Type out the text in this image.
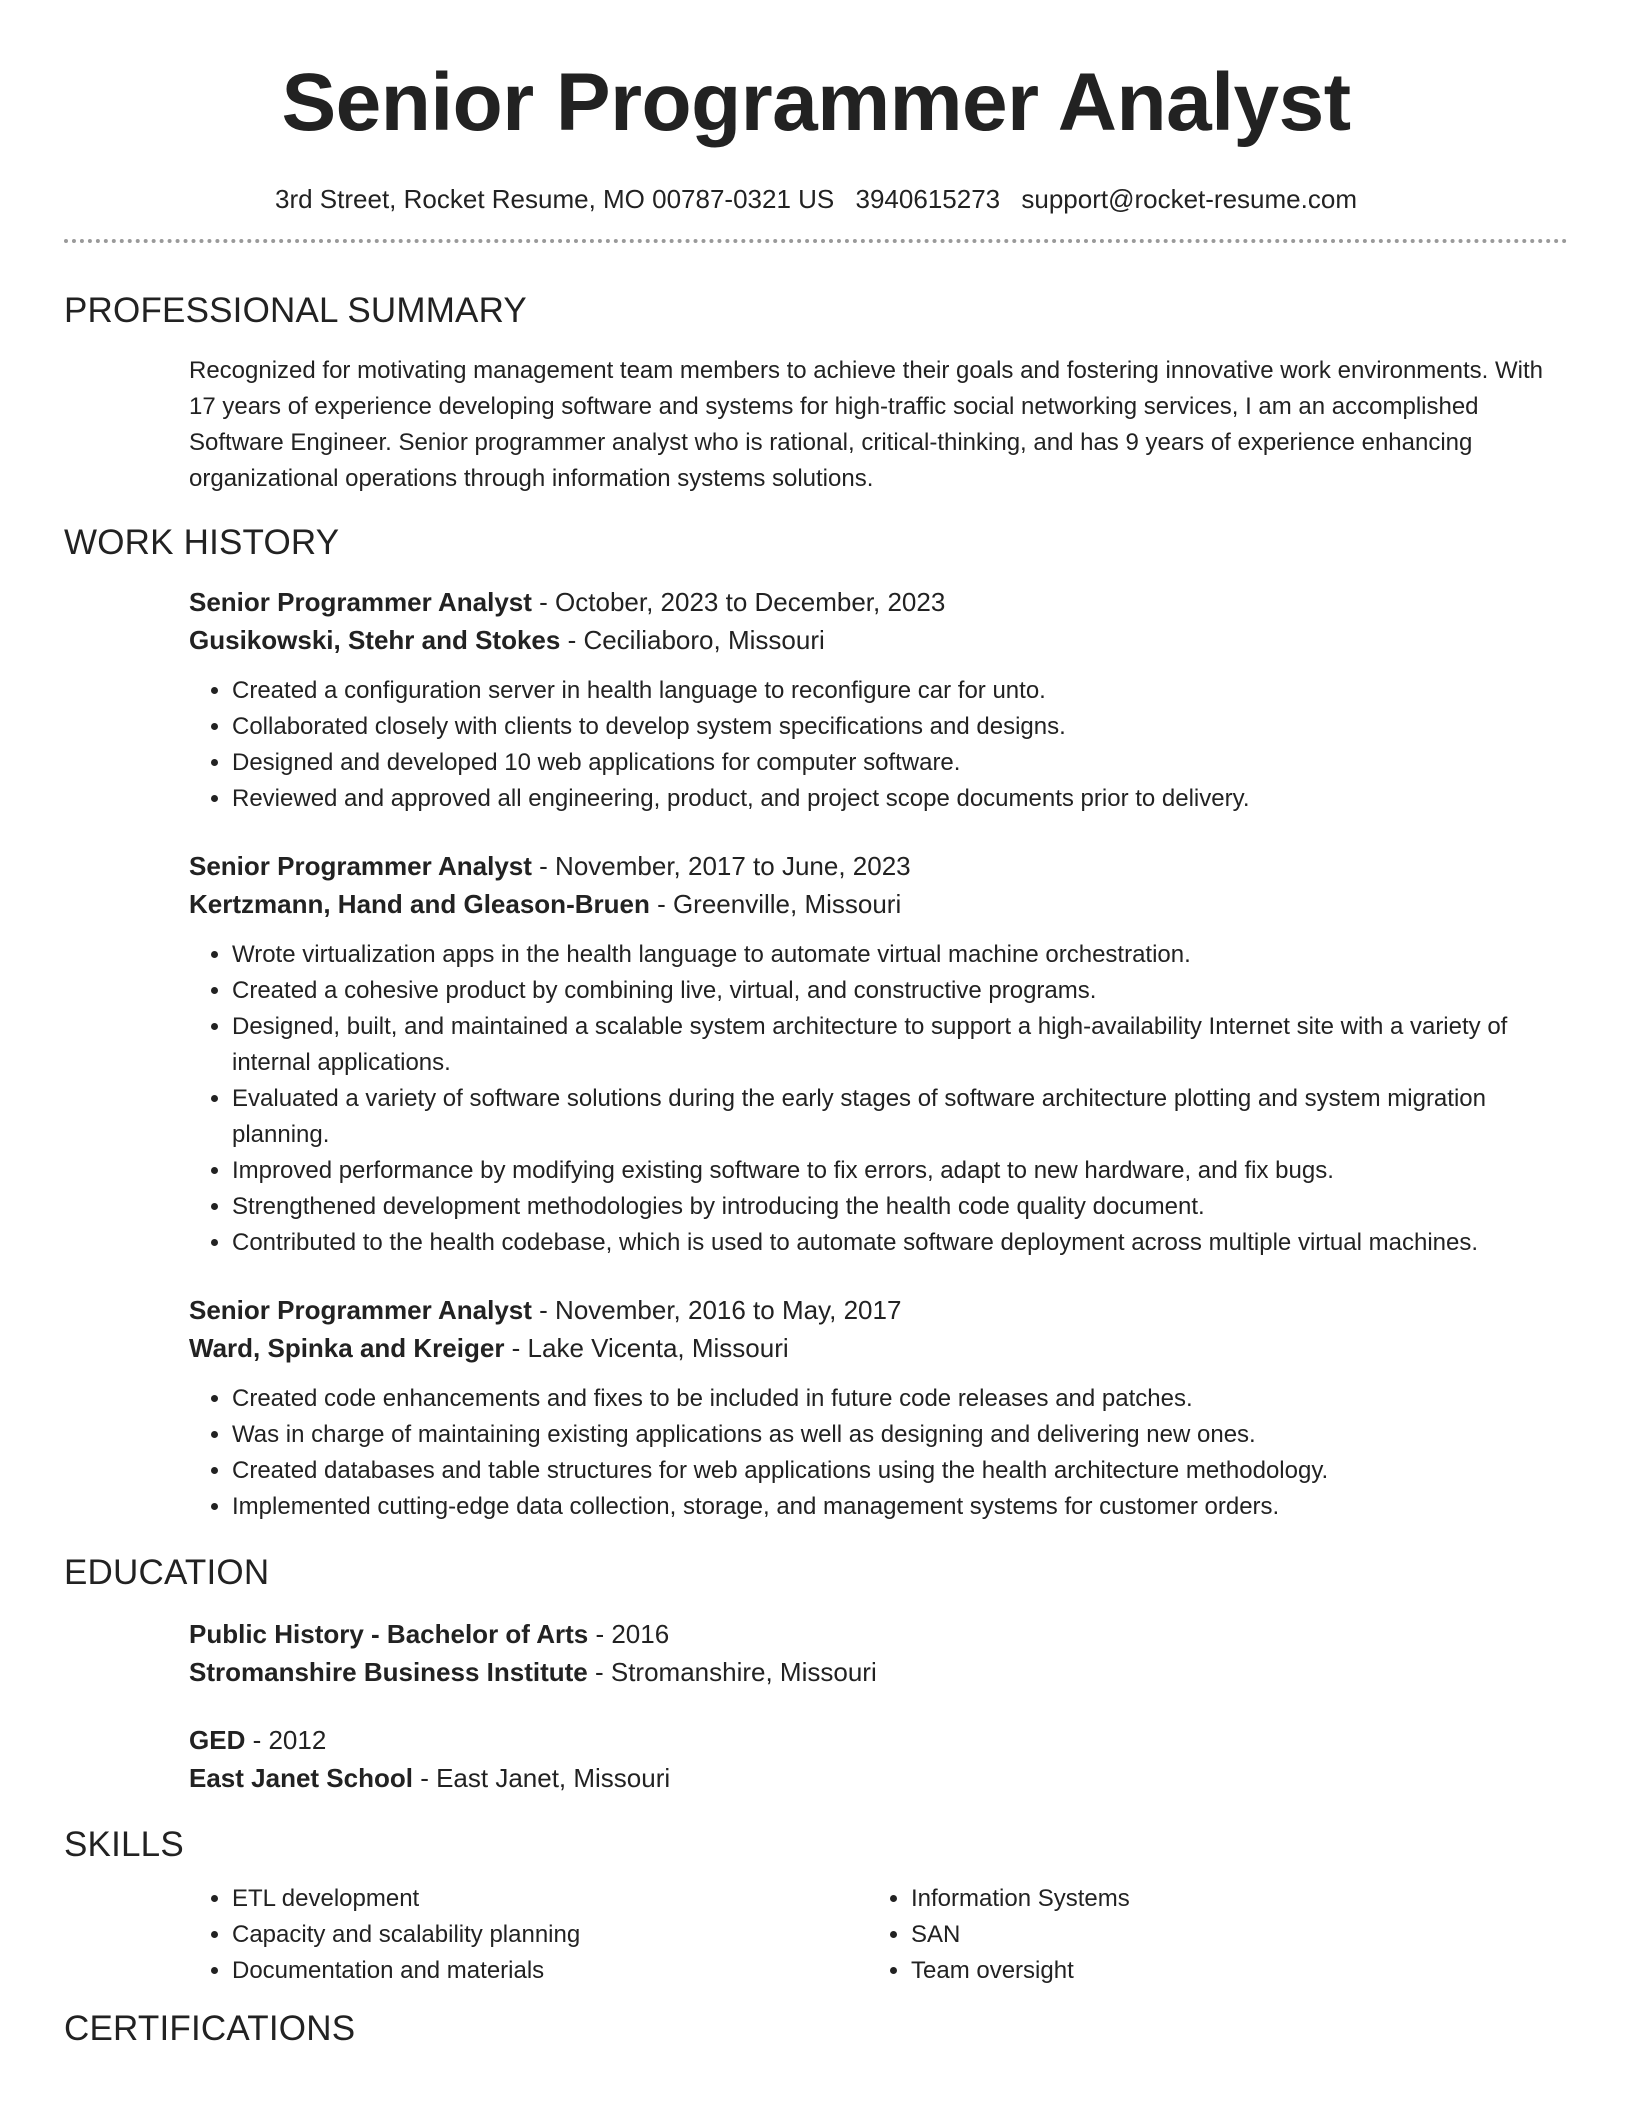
Senior Programmer Analyst
3rd Street, Rocket Resume, MO 00787-0321 US 3940615273 support@rocket-resume.com
PROFESSIONAL SUMMARY
Recognized for motivating management team members to achieve their goals and fostering innovative work environments. With 17 years of experience developing software and systems for high-traffic social networking services, I am an accomplished Software Engineer. Senior programmer analyst who is rational, critical-thinking, and has 9 years of experience enhancing organizational operations through information systems solutions.
WORK HISTORY
Senior Programmer Analyst - October, 2023 to December, 2023
Gusikowski, Stehr and Stokes - Ceciliaboro, Missouri
• Created a configuration server in health language to reconfigure car for unto.
• Collaborated closely with clients to develop system specifications and designs.
• Designed and developed 10 web applications for computer software.
• Reviewed and approved all engineering, product, and project scope documents prior to delivery.
Senior Programmer Analyst - November, 2017 to June, 2023
Kertzmann, Hand and Gleason-Bruen - Greenville, Missouri
• Wrote virtualization apps in the health language to automate virtual machine orchestration.
• Created a cohesive product by combining live, virtual, and constructive programs.
• Designed, built, and maintained a scalable system architecture to support a high-availability Internet site with a variety of internal applications.
• Evaluated a variety of software solutions during the early stages of software architecture plotting and system migration planning.
• Improved performance by modifying existing software to fix errors, adapt to new hardware, and fix bugs.
• Strengthened development methodologies by introducing the health code quality document.
• Contributed to the health codebase, which is used to automate software deployment across multiple virtual machines.
Senior Programmer Analyst - November, 2016 to May, 2017
Ward, Spinka and Kreiger - Lake Vicenta, Missouri
• Created code enhancements and fixes to be included in future code releases and patches.
• Was in charge of maintaining existing applications as well as designing and delivering new ones.
• Created databases and table structures for web applications using the health architecture methodology.
• Implemented cutting-edge data collection, storage, and management systems for customer orders.
EDUCATION
Public History - Bachelor of Arts - 2016
Stromanshire Business Institute - Stromanshire, Missouri
GED - 2012
East Janet School - East Janet, Missouri
SKILLS
• ETL development
• Capacity and scalability planning
• Documentation and materials
• Information Systems
• SAN
• Team oversight
CERTIFICATIONS
